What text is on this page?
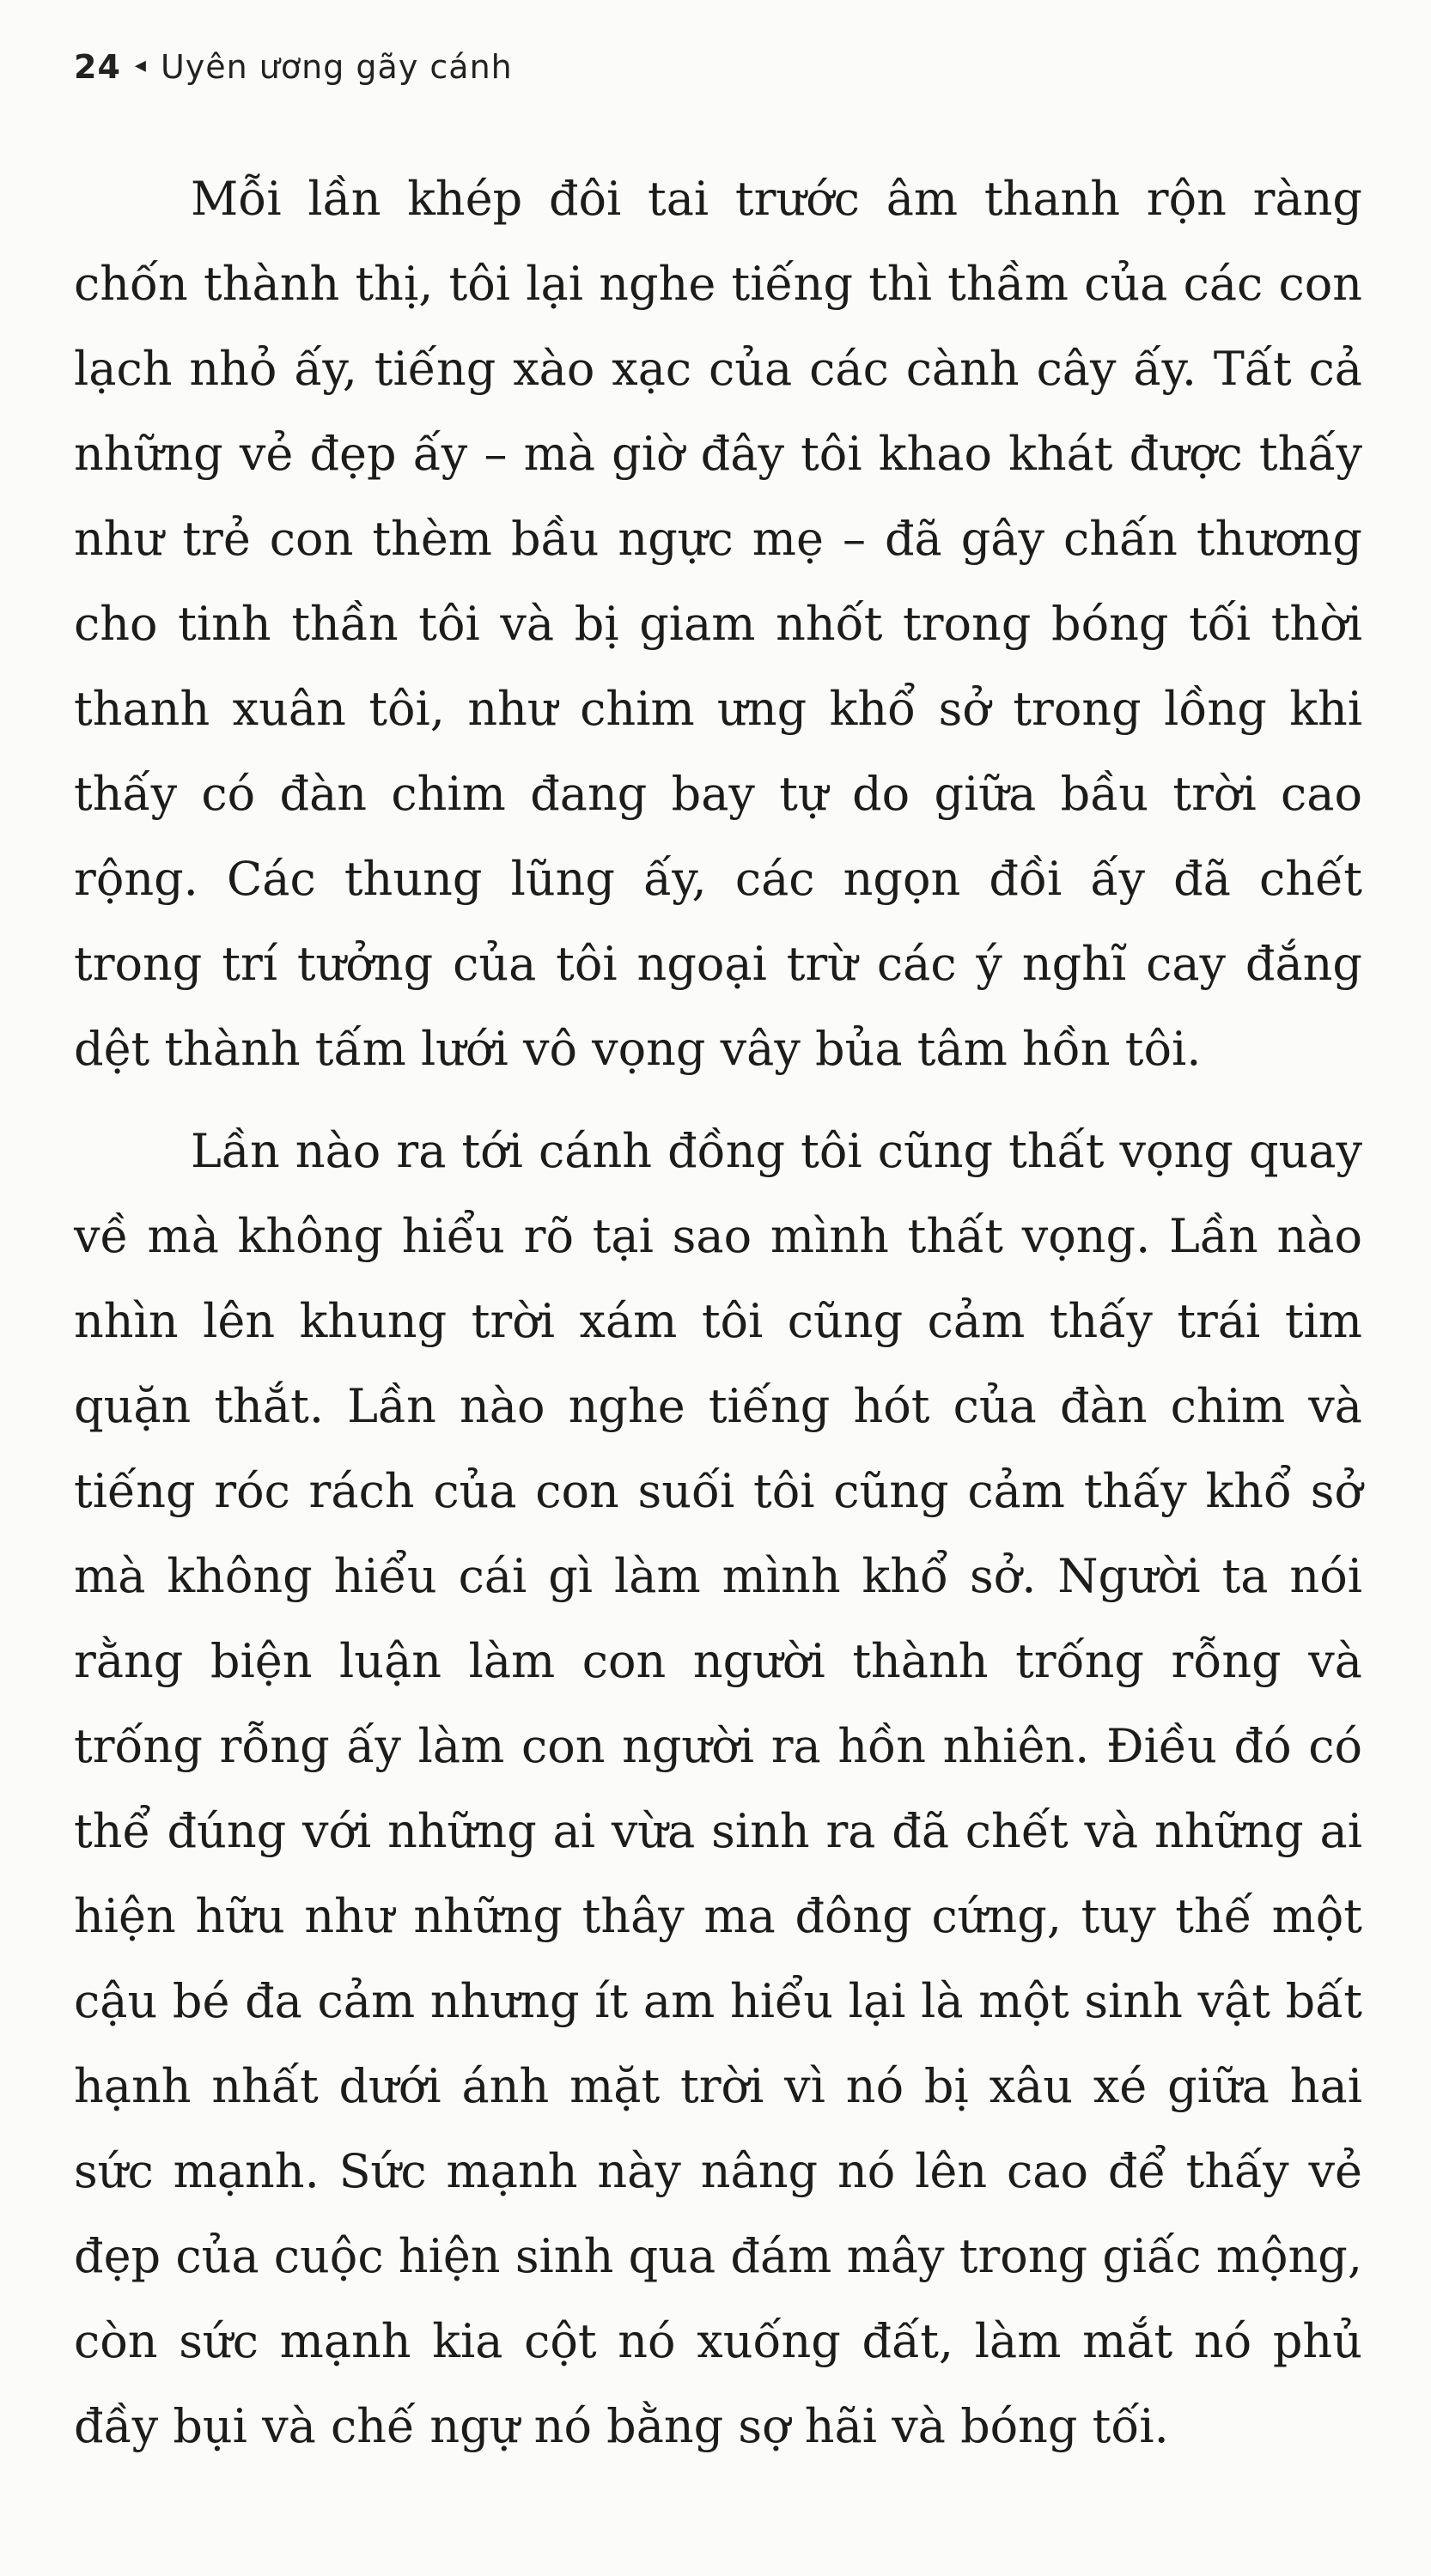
24 ◂ Uyên ương gãy cánh

Mỗi lần khép đôi tai trước âm thanh rộn ràng chốn thành thị, tôi lại nghe tiếng thì thầm của các con lạch nhỏ ấy, tiếng xào xạc của các cành cây ấy. Tất cả những vẻ đẹp ấy – mà giờ đây tôi khao khát được thấy như trẻ con thèm bầu ngực mẹ – đã gây chấn thương cho tinh thần tôi và bị giam nhốt trong bóng tối thời thanh xuân tôi, như chim ưng khổ sở trong lồng khi thấy có đàn chim đang bay tự do giữa bầu trời cao rộng. Các thung lũng ấy, các ngọn đồi ấy đã chết trong trí tưởng của tôi ngoại trừ các ý nghĩ cay đắng dệt thành tấm lưới vô vọng vây bủa tâm hồn tôi.

Lần nào ra tới cánh đồng tôi cũng thất vọng quay về mà không hiểu rõ tại sao mình thất vọng. Lần nào nhìn lên khung trời xám tôi cũng cảm thấy trái tim quặn thắt. Lần nào nghe tiếng hót của đàn chim và tiếng róc rách của con suối tôi cũng cảm thấy khổ sở mà không hiểu cái gì làm mình khổ sở. Người ta nói rằng biện luận làm con người thành trống rỗng và trống rỗng ấy làm con người ra hồn nhiên. Điều đó có thể đúng với những ai vừa sinh ra đã chết và những ai hiện hữu như những thây ma đông cứng, tuy thế một cậu bé đa cảm nhưng ít am hiểu lại là một sinh vật bất hạnh nhất dưới ánh mặt trời vì nó bị xâu xé giữa hai sức mạnh. Sức mạnh này nâng nó lên cao để thấy vẻ đẹp của cuộc hiện sinh qua đám mây trong giấc mộng, còn sức mạnh kia cột nó xuống đất, làm mắt nó phủ đầy bụi và chế ngự nó bằng sợ hãi và bóng tối.
